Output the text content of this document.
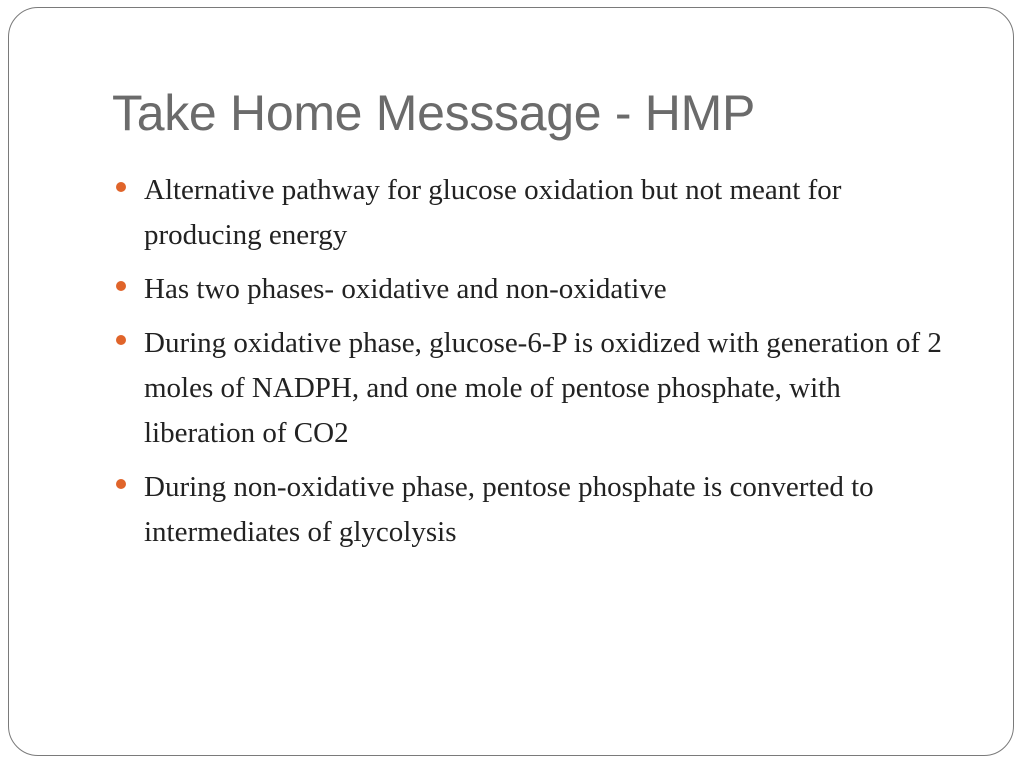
Take Home Messsage - HMP
Alternative pathway for glucose oxidation but not meant for producing energy
Has two phases- oxidative and non-oxidative
During oxidative phase, glucose-6-P is oxidized with generation of 2 moles of NADPH, and one mole of pentose phosphate, with liberation of CO2
During non-oxidative phase, pentose phosphate is converted to intermediates of glycolysis
